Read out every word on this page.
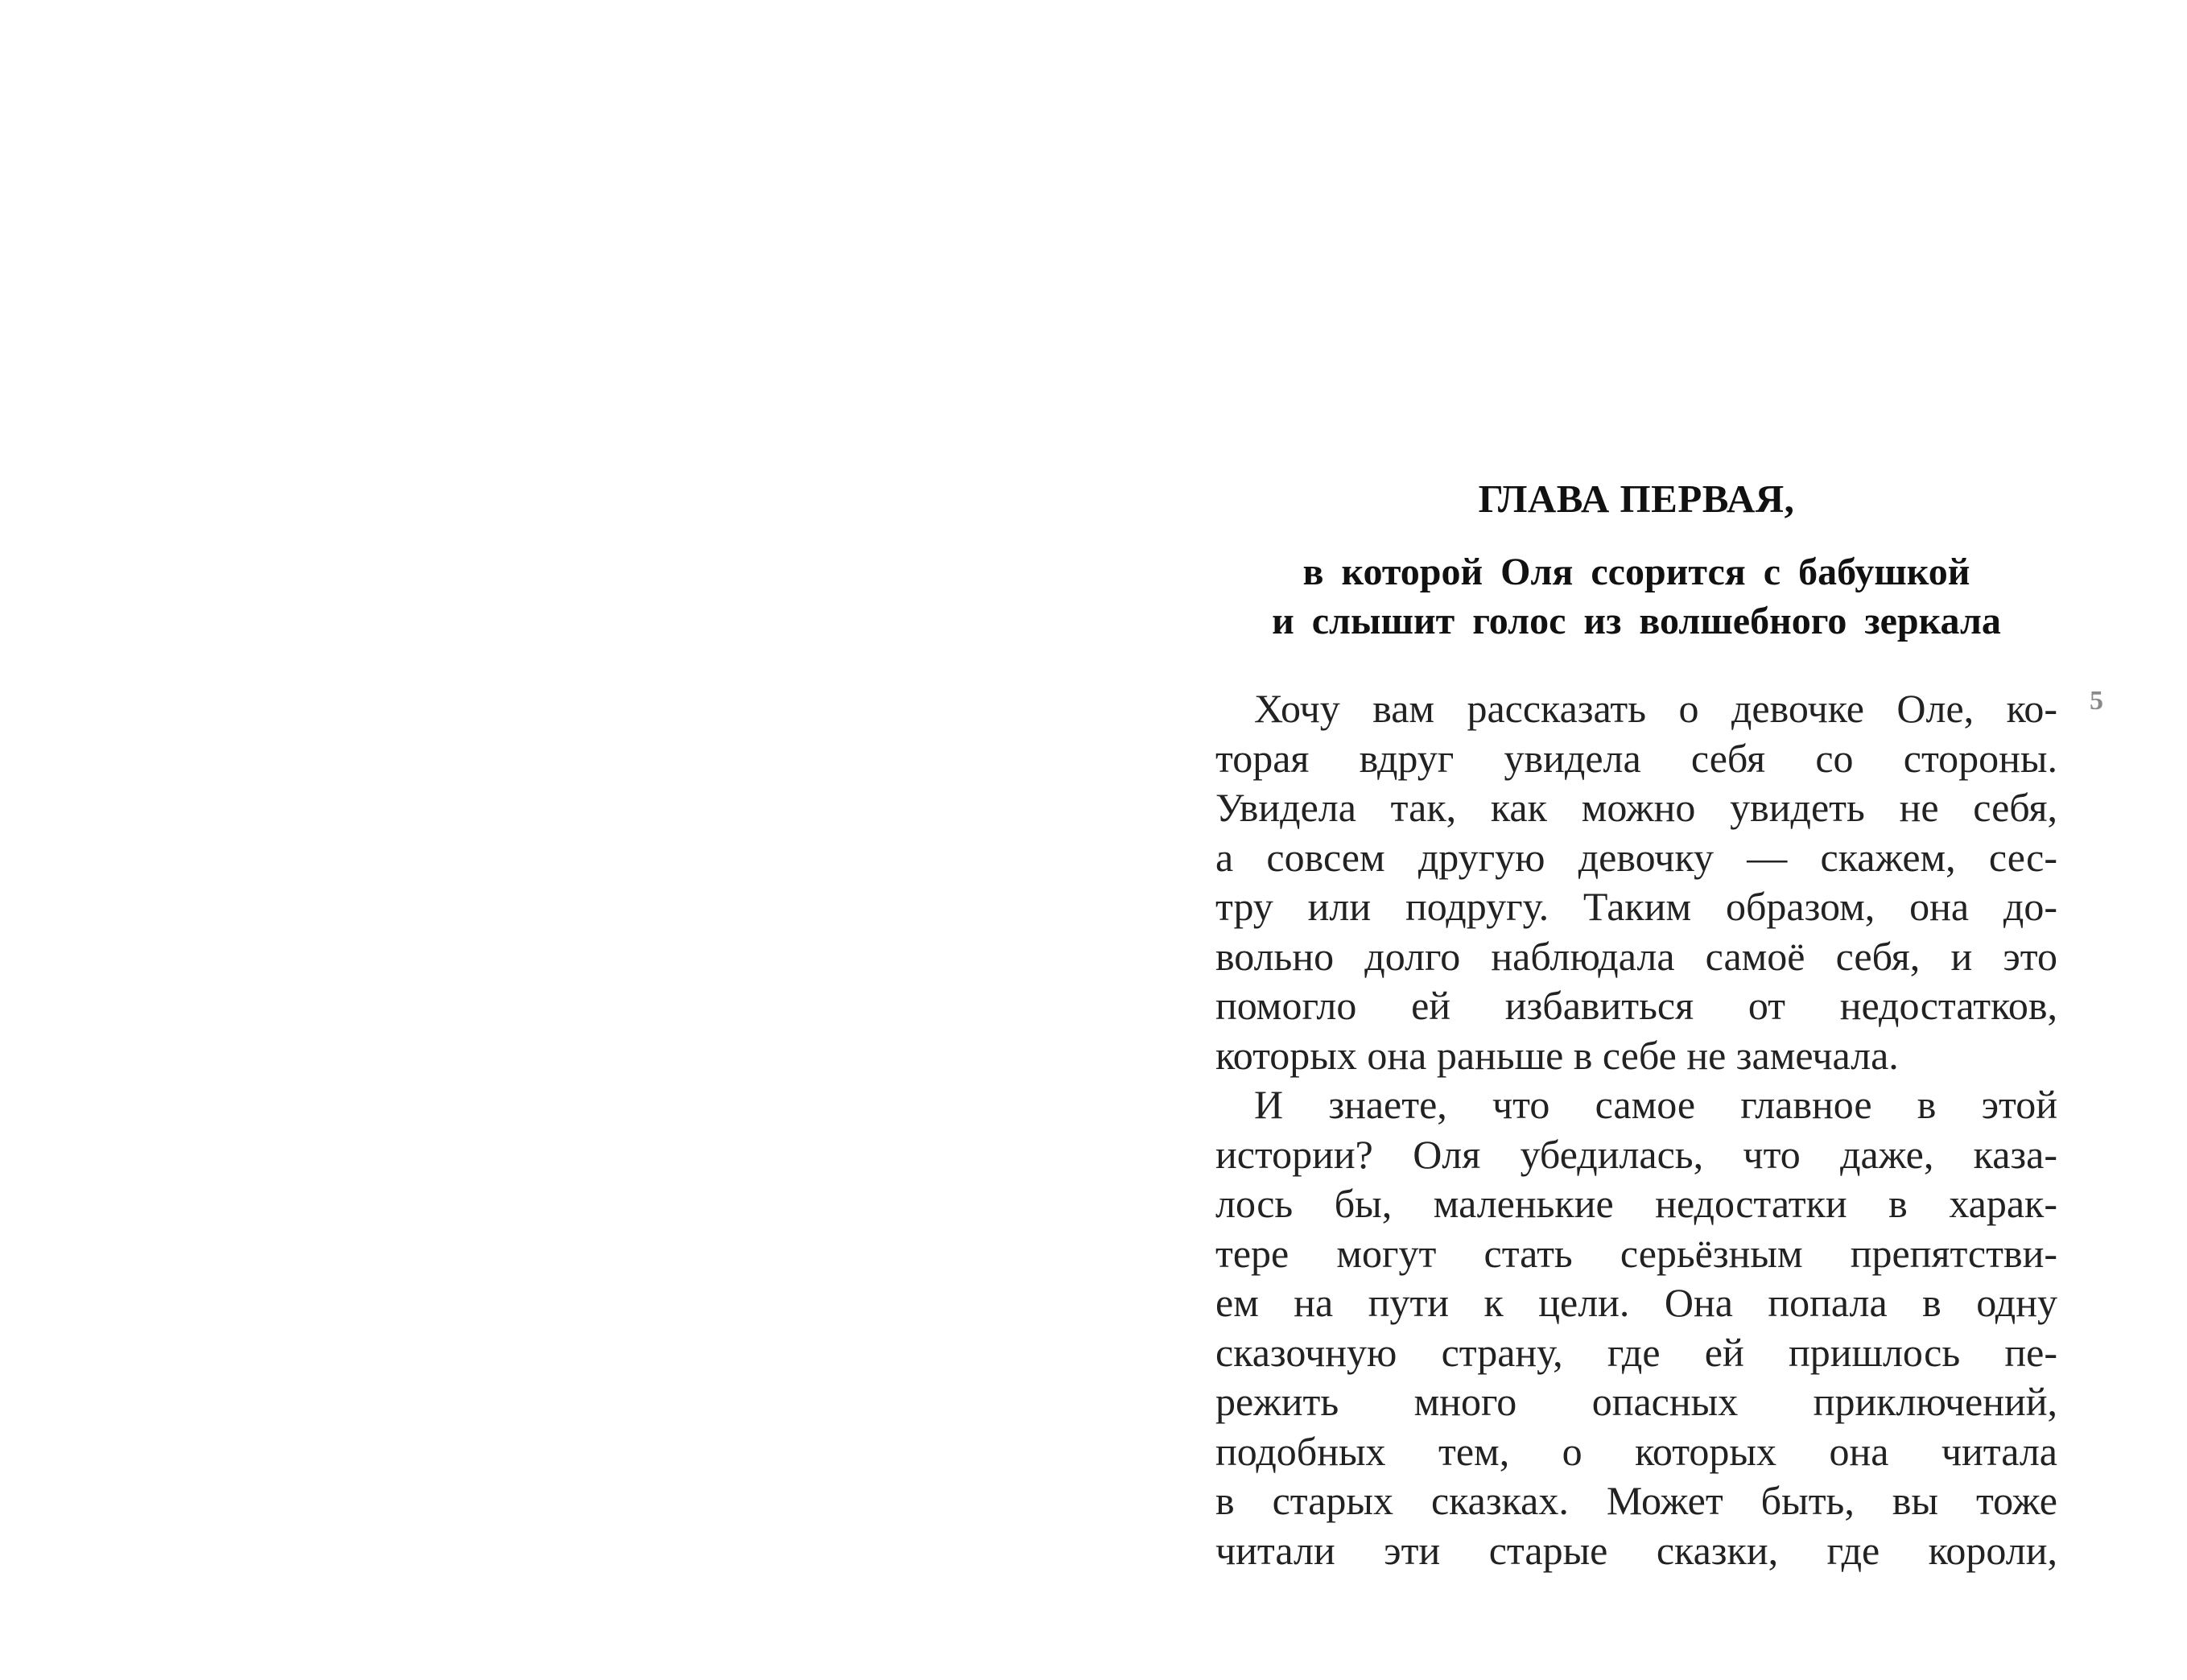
ГЛАВА ПЕРВАЯ,
в которой Оля ссорится с бабушкой
и слышит голос из волшебного зеркала
Хочу вам рассказать о девочке Оле, ко-
торая вдруг увидела себя со стороны.
Увидела так, как можно увидеть не себя,
а совсем другую девочку — скажем, сес-
тру или подругу. Таким образом, она до-
вольно долго наблюдала самоё себя, и это
помогло ей избавиться от недостатков,
которых она раньше в себе не замечала.
И знаете, что самое главное в этой
истории? Оля убедилась, что даже, каза-
лось бы, маленькие недостатки в харак-
тере могут стать серьёзным препятстви-
ем на пути к цели. Она попала в одну
сказочную страну, где ей пришлось пе-
режить много опасных приключений,
подобных тем, о которых она читала
в старых сказках. Может быть, вы тоже
читали эти старые сказки, где короли,
5
